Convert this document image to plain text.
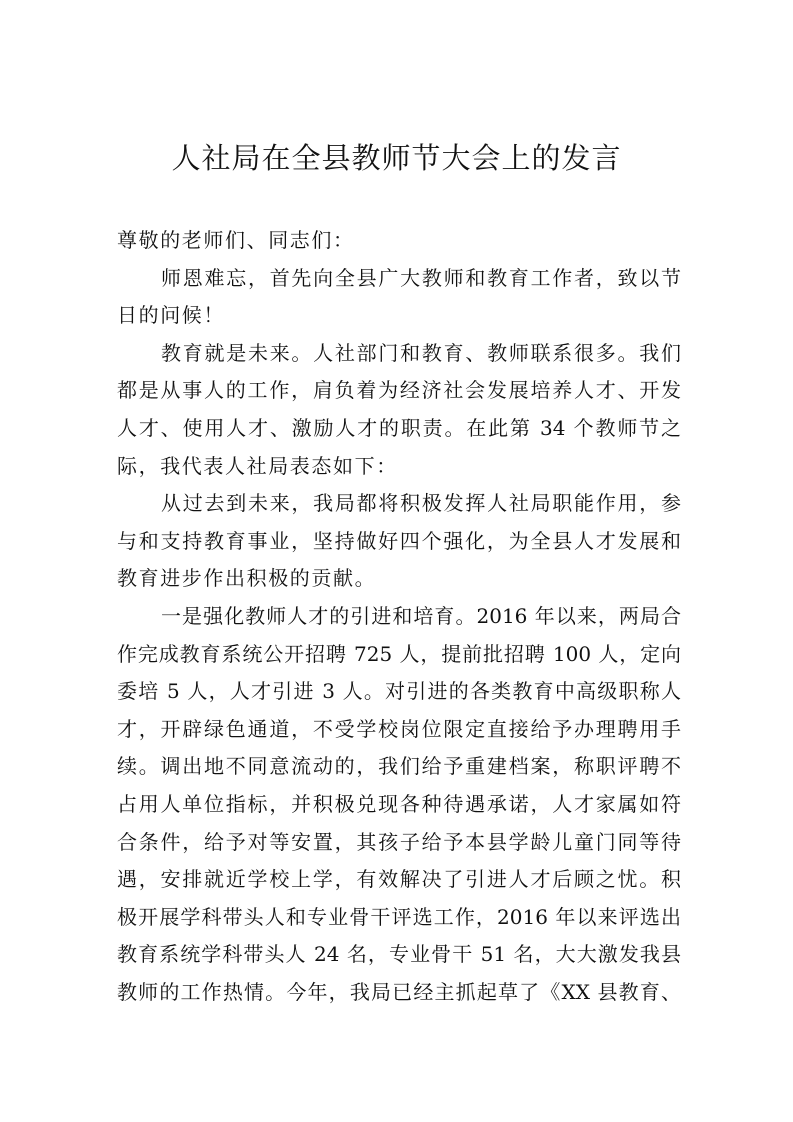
人社局在全县教师节大会上的发言
尊敬的老师们、同志们：
师恩难忘，首先向全县广大教师和教育工作者，致以节
日的问候！
教育就是未来。人社部门和教育、教师联系很多。我们
都是从事人的工作，肩负着为经济社会发展培养人才、开发
人才、使用人才、激励人才的职责。在此第 34 个教师节之
际，我代表人社局表态如下：
从过去到未来，我局都将积极发挥人社局职能作用，参
与和支持教育事业，坚持做好四个强化，为全县人才发展和
教育进步作出积极的贡献。
一是强化教师人才的引进和培育。2016 年以来，两局合
作完成教育系统公开招聘 725 人，提前批招聘 100 人，定向
委培 5 人，人才引进 3 人。对引进的各类教育中高级职称人
才，开辟绿色通道，不受学校岗位限定直接给予办理聘用手
续。调出地不同意流动的，我们给予重建档案，称职评聘不
占用人单位指标，并积极兑现各种待遇承诺，人才家属如符
合条件，给予对等安置，其孩子给予本县学龄儿童门同等待
遇，安排就近学校上学，有效解决了引进人才后顾之忧。积
极开展学科带头人和专业骨干评选工作，2016 年以来评选出
教育系统学科带头人 24 名，专业骨干 51 名，大大激发我县
教师的工作热情。今年，我局已经主抓起草了《XX 县教育、
